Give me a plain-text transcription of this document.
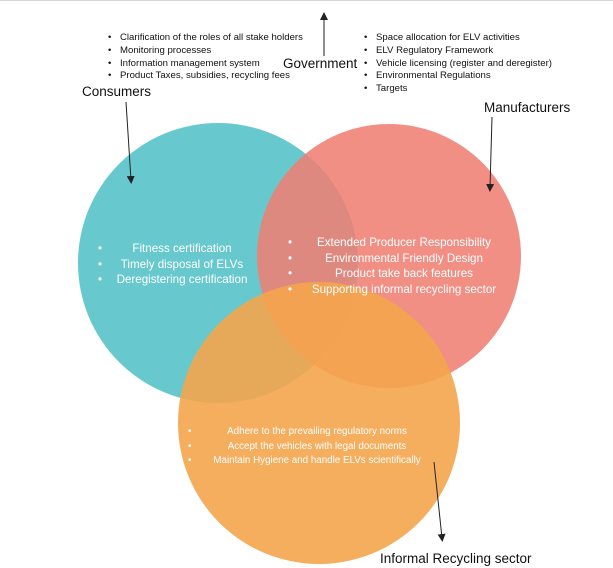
• Clarification of the roles of all stake holders
• Monitoring processes
• Information management system
• Product Taxes, subsidies, recycling fees
Government
• Space allocation for ELV activities
• ELV Regulatory Framework
• Vehicle licensing (register and deregister)
• Environmental Regulations
• Targets
Consumers
•	Fitness certification
• Timely disposal of ELVs
• Deregistering certification
Manufacturers
• Extended Producer Responsibility
•	Environmental Friendly Design
•	Product take back features
• Supporting informal recycling sector
•	Adhere to the prevailing regulatory norms
•	Accept the vehicles with legal documents
• Maintain Hygiene and handle ELVs scientifically
Informal Recycling sector
